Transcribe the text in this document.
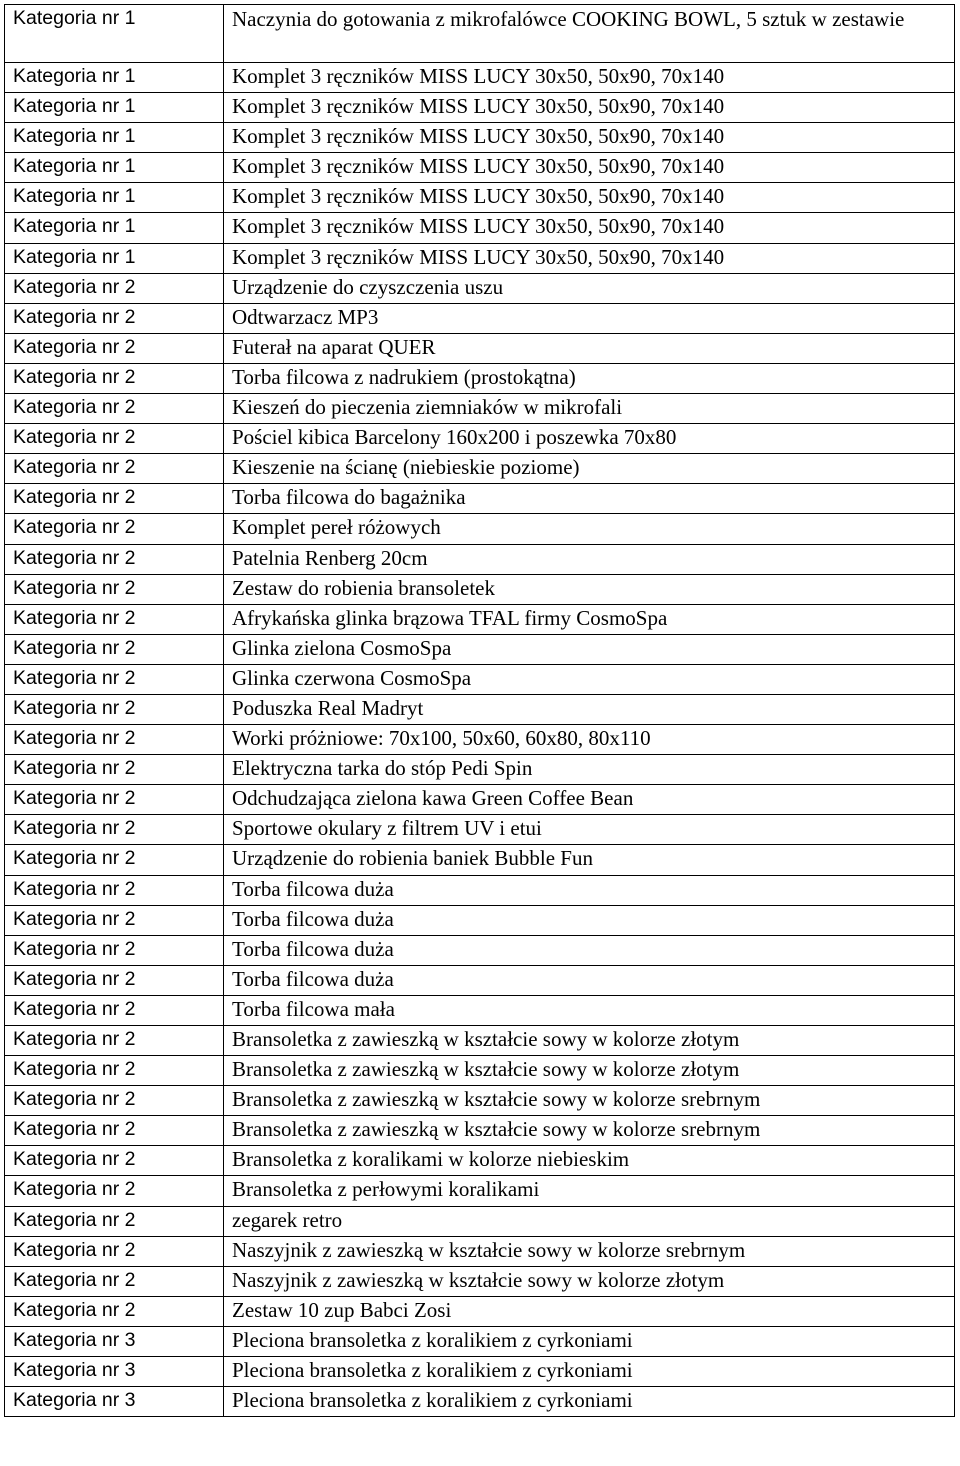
Kategoria nr 1	Naczynia do gotowania z mikrofalówce COOKING BOWL, 5 sztuk w zestawie
Kategoria nr 1	Komplet 3 ręczników MISS LUCY 30x50, 50x90, 70x140
Kategoria nr 1	Komplet 3 ręczników MISS LUCY 30x50, 50x90, 70x140
Kategoria nr 1	Komplet 3 ręczników MISS LUCY 30x50, 50x90, 70x140
Kategoria nr 1	Komplet 3 ręczników MISS LUCY 30x50, 50x90, 70x140
Kategoria nr 1	Komplet 3 ręczników MISS LUCY 30x50, 50x90, 70x140
Kategoria nr 1	Komplet 3 ręczników MISS LUCY 30x50, 50x90, 70x140
Kategoria nr 1	Komplet 3 ręczników MISS LUCY 30x50, 50x90, 70x140
Kategoria nr 2	Urządzenie do czyszczenia uszu
Kategoria nr 2	Odtwarzacz MP3
Kategoria nr 2	Futerał na aparat QUER
Kategoria nr 2	Torba filcowa z nadrukiem (prostokątna)
Kategoria nr 2	Kieszeń do pieczenia ziemniaków w mikrofali
Kategoria nr 2	Pościel kibica Barcelony 160x200 i poszewka 70x80
Kategoria nr 2	Kieszenie na ścianę (niebieskie poziome)
Kategoria nr 2	Torba filcowa do bagażnika
Kategoria nr 2	Komplet pereł różowych
Kategoria nr 2	Patelnia Renberg 20cm
Kategoria nr 2	Zestaw do robienia bransoletek
Kategoria nr 2	Afrykańska glinka brązowa TFAL firmy CosmoSpa
Kategoria nr 2	Glinka zielona CosmoSpa
Kategoria nr 2	Glinka czerwona CosmoSpa
Kategoria nr 2	Poduszka Real Madryt
Kategoria nr 2	Worki próżniowe: 70x100, 50x60, 60x80, 80x110
Kategoria nr 2	Elektryczna tarka do stóp Pedi Spin
Kategoria nr 2	Odchudzająca zielona kawa Green Coffee Bean
Kategoria nr 2	Sportowe okulary z filtrem UV i etui
Kategoria nr 2	Urządzenie do robienia baniek Bubble Fun
Kategoria nr 2	Torba filcowa duża
Kategoria nr 2	Torba filcowa duża
Kategoria nr 2	Torba filcowa duża
Kategoria nr 2	Torba filcowa duża
Kategoria nr 2	Torba filcowa mała
Kategoria nr 2	Bransoletka z zawieszką w kształcie sowy w kolorze złotym
Kategoria nr 2	Bransoletka z zawieszką w kształcie sowy w kolorze złotym
Kategoria nr 2	Bransoletka z zawieszką w kształcie sowy w kolorze srebrnym
Kategoria nr 2	Bransoletka z zawieszką w kształcie sowy w kolorze srebrnym
Kategoria nr 2	Bransoletka z koralikami w kolorze niebieskim
Kategoria nr 2	Bransoletka z perłowymi koralikami
Kategoria nr 2	zegarek retro
Kategoria nr 2	Naszyjnik z zawieszką w kształcie sowy w kolorze srebrnym
Kategoria nr 2	Naszyjnik z zawieszką w kształcie sowy w kolorze złotym
Kategoria nr 2	Zestaw 10 zup Babci Zosi
Kategoria nr 3	Pleciona bransoletka z koralikiem z cyrkoniami
Kategoria nr 3	Pleciona bransoletka z koralikiem z cyrkoniami
Kategoria nr 3	Pleciona bransoletka z koralikiem z cyrkoniami
